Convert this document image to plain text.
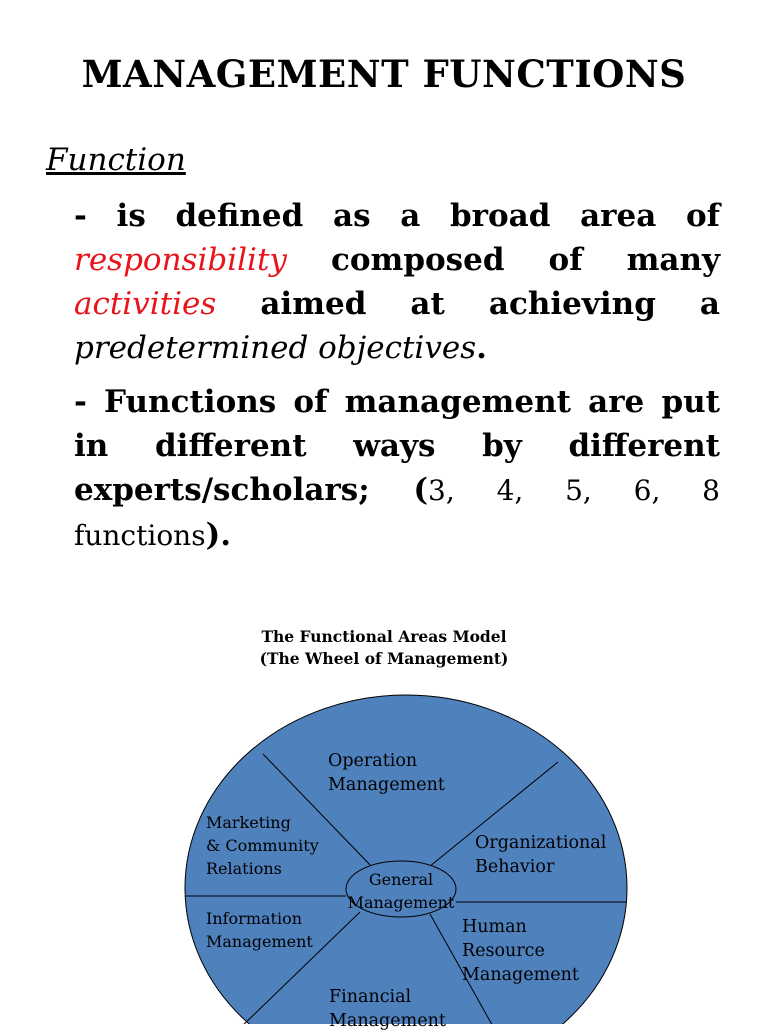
MANAGEMENT FUNCTIONS
Function
- is defined as a broad area of responsibility composed of many activities aimed at achieving a predetermined objectives.
- Functions of management are put in different ways by different experts/scholars; (3, 4, 5, 6, 8 functions).
The Functional Areas Model
(The Wheel of Management)
Operation
Management
Organizational
Behavior
Human
Resource
Management
Financial
Management
Information
Management
Marketing
& Community
Relations
General
Management
